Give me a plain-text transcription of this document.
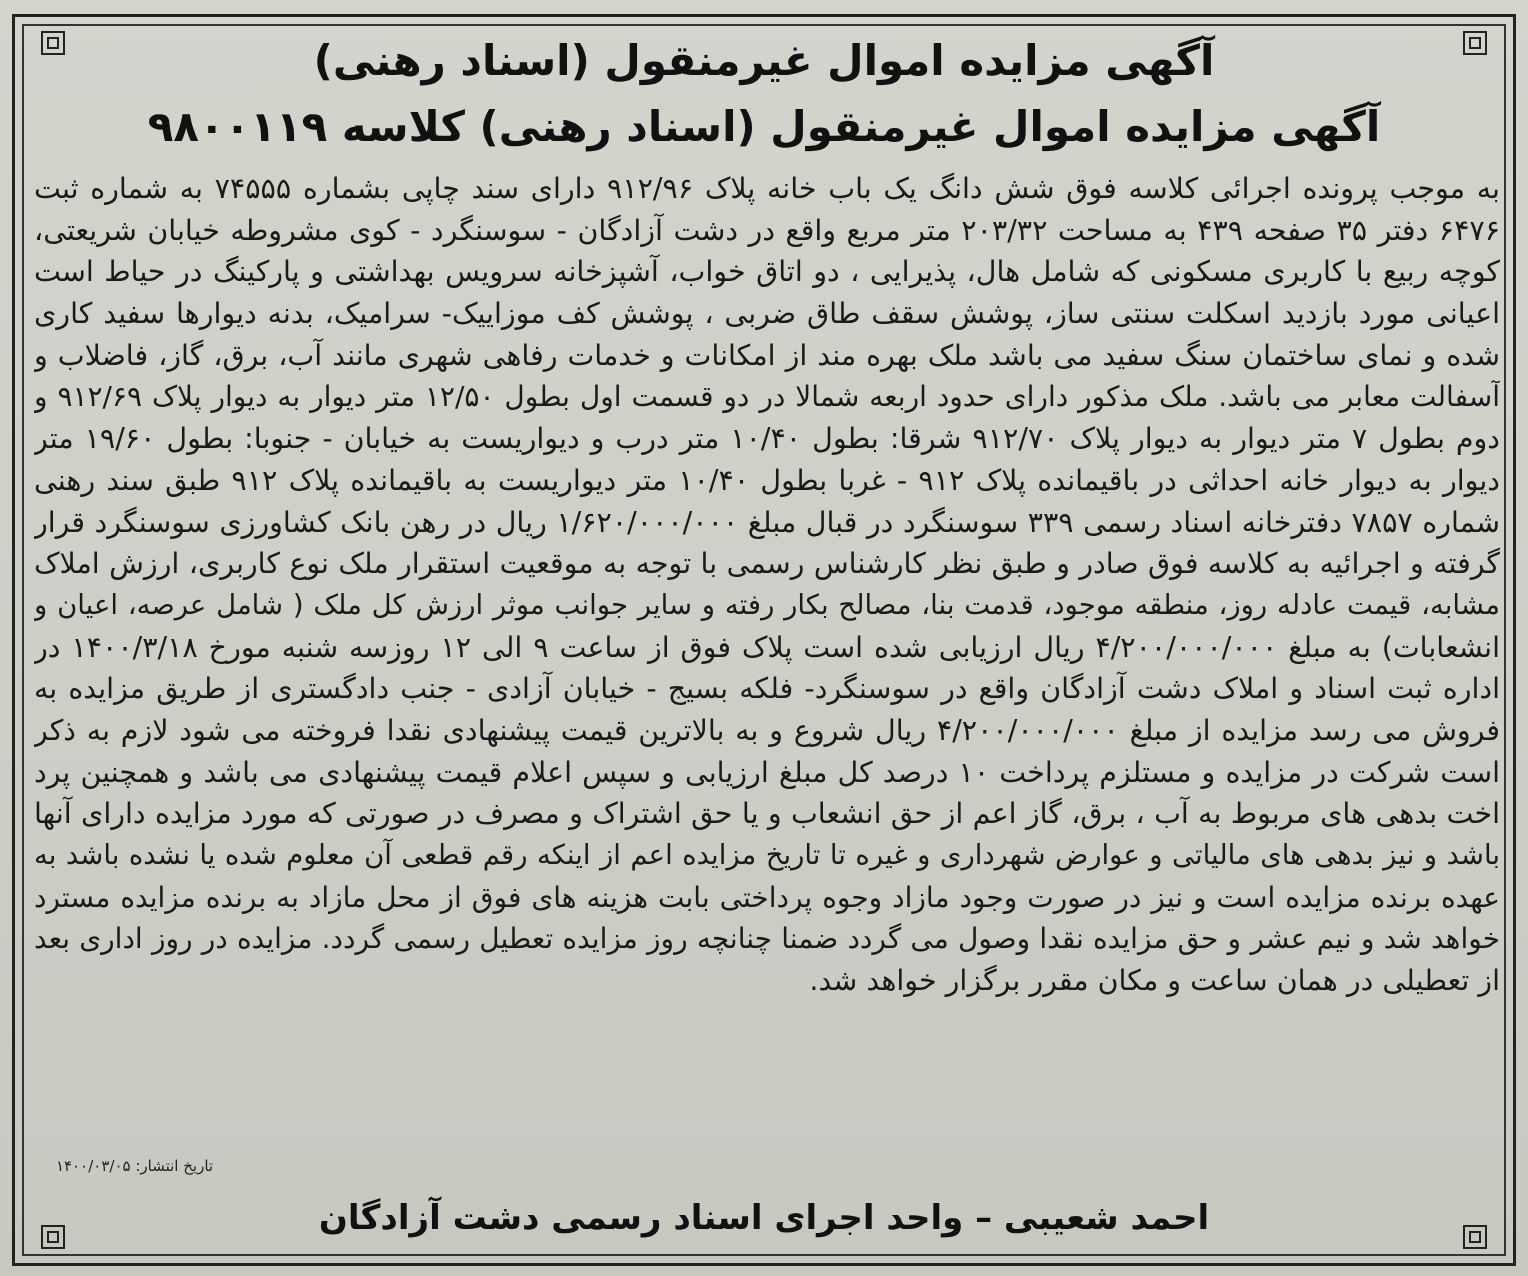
آگهی مزایده اموال غیرمنقول (اسناد رهنی)
آگهی مزایده اموال غیرمنقول (اسناد رهنی) کلاسه ۹۸۰۰۱۱۹
به موجب پرونده اجرائی کلاسه فوق شش دانگ یک باب خانه پلاک ۹۱۲/۹۶ دارای سند چاپی بشماره ۷۴۵۵۵ به شماره ثبت
۶۴۷۶ دفتر ۳۵ صفحه ۴۳۹ به مساحت ۲۰۳/۳۲ متر مربع واقع در دشت آزادگان - سوسنگرد - کوی مشروطه خیابان شریعتی،
کوچه ربیع با کاربری مسکونی که شامل هال، پذیرایی ، دو اتاق خواب، آشپزخانه سرویس بهداشتی و پارکینگ در حیاط است
اعیانی مورد بازدید اسکلت سنتی ساز، پوشش سقف طاق ضربی ، پوشش کف موزاییک- سرامیک، بدنه دیوارها سفید کاری
شده و نمای ساختمان سنگ سفید می باشد ملک بهره مند از امکانات و خدمات رفاهی شهری مانند آب، برق، گاز، فاضلاب و
آسفالت معابر می باشد. ملک مذکور دارای حدود اربعه شمالا در دو قسمت اول بطول ۱۲/۵۰ متر دیوار به دیوار پلاک ۹۱۲/۶۹ و
دوم بطول ۷ متر دیوار به دیوار پلاک ۹۱۲/۷۰ شرقا: بطول ۱۰/۴۰ متر درب و دیواریست به خیابان - جنوبا: بطول ۱۹/۶۰ متر
دیوار به دیوار خانه احداثی در باقیمانده پلاک ۹۱۲ - غربا بطول ۱۰/۴۰ متر دیواریست به باقیمانده پلاک ۹۱۲ طبق سند رهنی
شماره ۷۸۵۷ دفترخانه اسناد رسمی ۳۳۹ سوسنگرد در قبال مبلغ ۱/۶۲۰/۰۰۰/۰۰۰ ریال در رهن بانک کشاورزی سوسنگرد قرار
گرفته و اجرائیه به کلاسه فوق صادر و طبق نظر کارشناس رسمی با توجه به موقعیت استقرار ملک نوع کاربری، ارزش املاک
مشابه، قیمت عادله روز، منطقه موجود، قدمت بنا، مصالح بکار رفته و سایر جوانب موثر ارزش کل ملک ( شامل عرصه، اعیان و
انشعابات) به مبلغ ۴/۲۰۰/۰۰۰/۰۰۰ ریال ارزیابی شده است پلاک فوق از ساعت ۹ الی ۱۲ روزسه شنبه مورخ ۱۴۰۰/۳/۱۸ در
اداره ثبت اسناد و املاک دشت آزادگان واقع در سوسنگرد- فلکه بسیج - خیابان آزادی - جنب دادگستری از طریق مزایده به
فروش می رسد مزایده از مبلغ ۴/۲۰۰/۰۰۰/۰۰۰ ریال شروع و به بالاترین قیمت پیشنهادی نقدا فروخته می شود لازم به ذکر
است شرکت در مزایده و مستلزم پرداخت ۱۰ درصد کل مبلغ ارزیابی و سپس اعلام قیمت پیشنهادی می باشد و همچنین پرد
اخت بدهی های مربوط به آب ، برق، گاز اعم از حق انشعاب و یا حق اشتراک و مصرف در صورتی که مورد مزایده دارای آنها
باشد و نیز بدهی های مالیاتی و عوارض شهرداری و غیره تا تاریخ مزایده اعم از اینکه رقم قطعی آن معلوم شده یا نشده باشد به
عهده برنده مزایده است و نیز در صورت وجود مازاد وجوه پرداختی بابت هزینه های فوق از محل مازاد به برنده مزایده مسترد
خواهد شد و نیم عشر و حق مزایده نقدا وصول می گردد ضمنا چنانچه روز مزایده تعطیل رسمی گردد. مزایده در روز اداری بعد
از تعطیلی در همان ساعت و مکان مقرر برگزار خواهد شد.
تاریخ انتشار: ۱۴۰۰/۰۳/۰۵
احمد شعیبی – واحد اجرای اسناد رسمی دشت آزادگان
